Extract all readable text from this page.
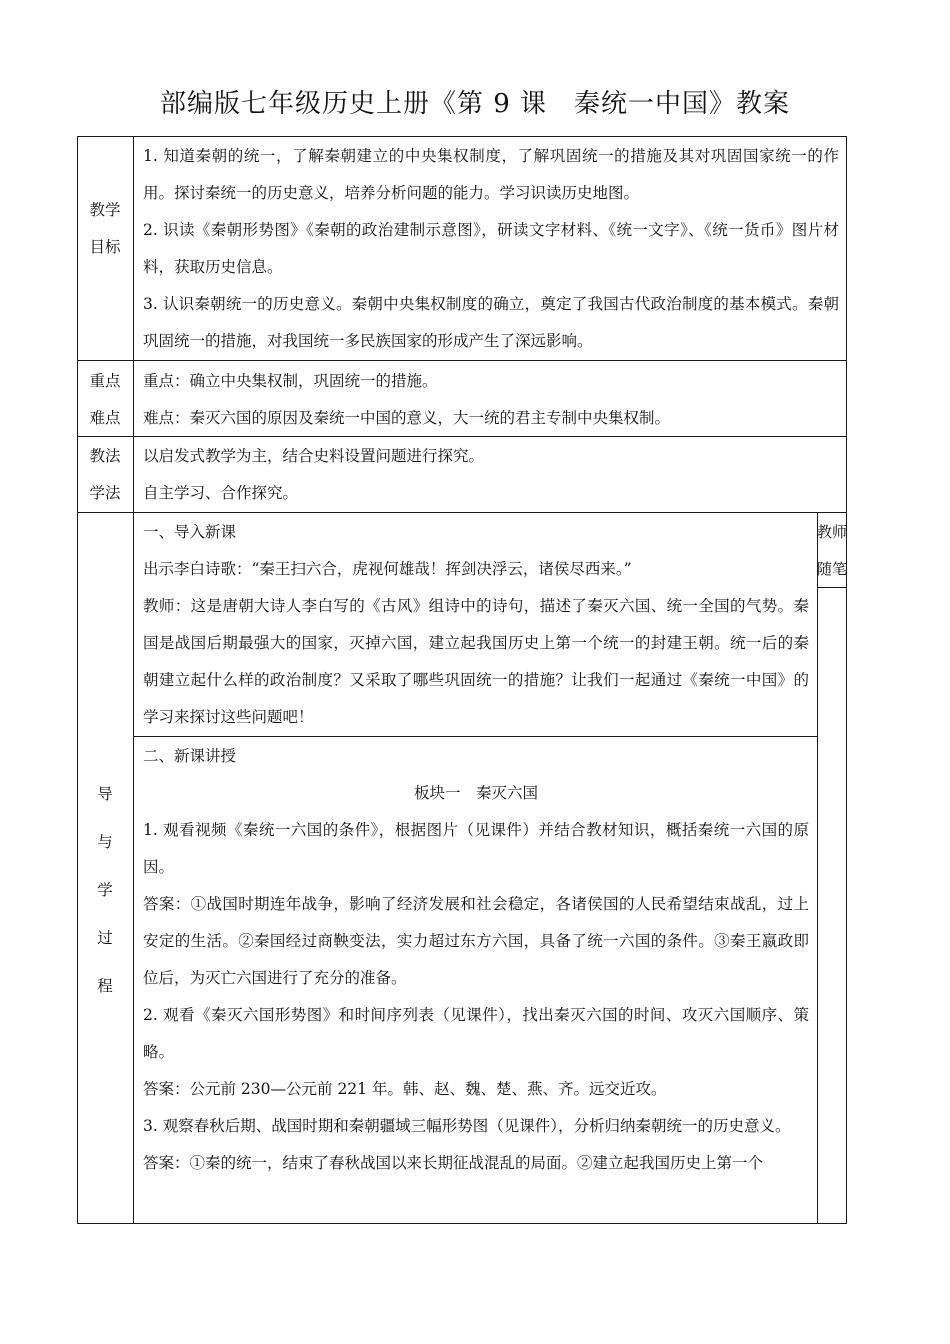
部编版七年级历史上册《第 9 课　秦统一中国》教案
教学
目标

1. 知道秦朝的统一，了解秦朝建立的中央集权制度，了解巩固统一的措施及其对巩固国家统一的作用。探讨秦统一的历史意义，培养分析问题的能力。学习识读历史地图。

2. 识读《秦朝形势图》《秦朝的政治建制示意图》，研读文字材料、《统一文字》、《统一货币》图片材料，获取历史信息。

3. 认识秦朝统一的历史意义。秦朝中央集权制度的确立，奠定了我国古代政治制度的基本模式。秦朝巩固统一的措施，对我国统一多民族国家的形成产生了深远影响。

重点
难点

重点：确立中央集权制，巩固统一的措施。

难点：秦灭六国的原因及秦统一中国的意义，大一统的君主专制中央集权制。

教法
学法

以启发式教学为主，结合史料设置问题进行探究。

自主学习、合作探究。

导
与
学
过
程
教师
随笔

一、导入新课

出示李白诗歌：“秦王扫六合，虎视何雄哉！挥剑决浮云，诸侯尽西来。”

教师：这是唐朝大诗人李白写的《古风》组诗中的诗句，描述了秦灭六国、统一全国的气势。秦国是战国后期最强大的国家，灭掉六国，建立起我国历史上第一个统一的封建王朝。统一后的秦朝建立起什么样的政治制度？又采取了哪些巩固统一的措施？让我们一起通过《秦统一中国》的学习来探讨这些问题吧！

二、新课讲授

板块一　秦灭六国

1. 观看视频《秦统一六国的条件》，根据图片（见课件）并结合教材知识，概括秦统一六国的原因。

答案：①战国时期连年战争，影响了经济发展和社会稳定，各诸侯国的人民希望结束战乱，过上安定的生活。②秦国经过商鞅变法，实力超过东方六国，具备了统一六国的条件。③秦王嬴政即位后，为灭亡六国进行了充分的准备。

2. 观看《秦灭六国形势图》和时间序列表（见课件），找出秦灭六国的时间、攻灭六国顺序、策略。

答案：公元前 230—公元前 221 年。韩、赵、魏、楚、燕、齐。远交近攻。

3. 观察春秋后期、战国时期和秦朝疆域三幅形势图（见课件），分析归纳秦朝统一的历史意义。

答案：①秦的统一，结束了春秋战国以来长期征战混乱的局面。②建立起我国历史上第一个
